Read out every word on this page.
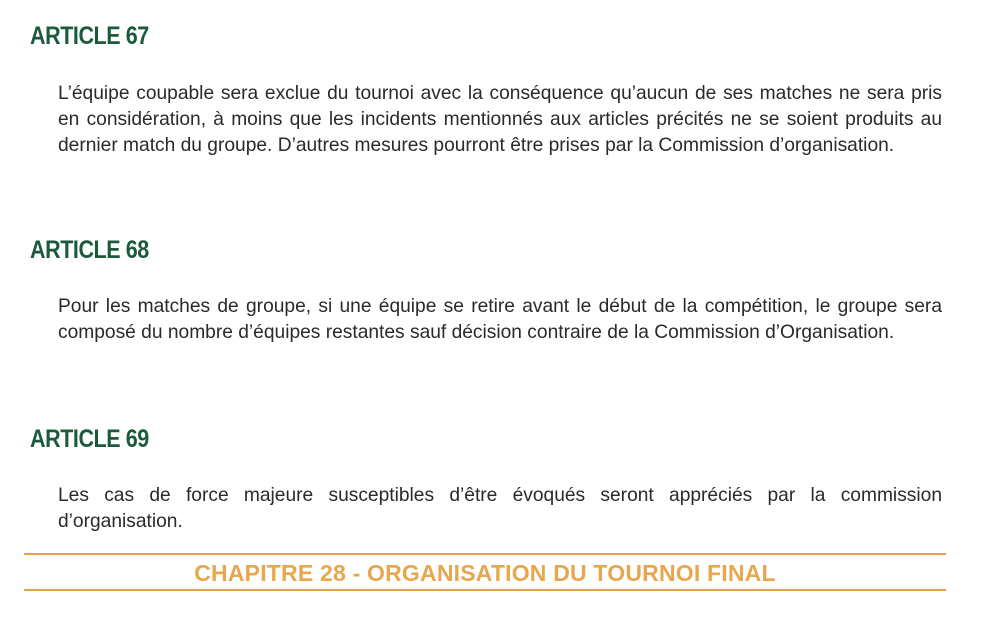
ARTICLE 67

L’équipe coupable sera exclue du tournoi avec la conséquence qu’aucun de ses matches ne sera pris en considération, à moins que les incidents mentionnés aux articles précités ne se soient produits au dernier match du groupe. D’autres mesures pourront être prises par la Commission d’organisation.

ARTICLE 68

Pour les matches de groupe, si une équipe se retire avant le début de la compétition, le groupe sera composé du nombre d’équipes restantes sauf décision contraire de la Commission d’Organisation.

ARTICLE 69

Les cas de force majeure susceptibles d’être évoqués seront appréciés par la commission d’organisation.

CHAPITRE 28 - ORGANISATION DU TOURNOI FINAL
